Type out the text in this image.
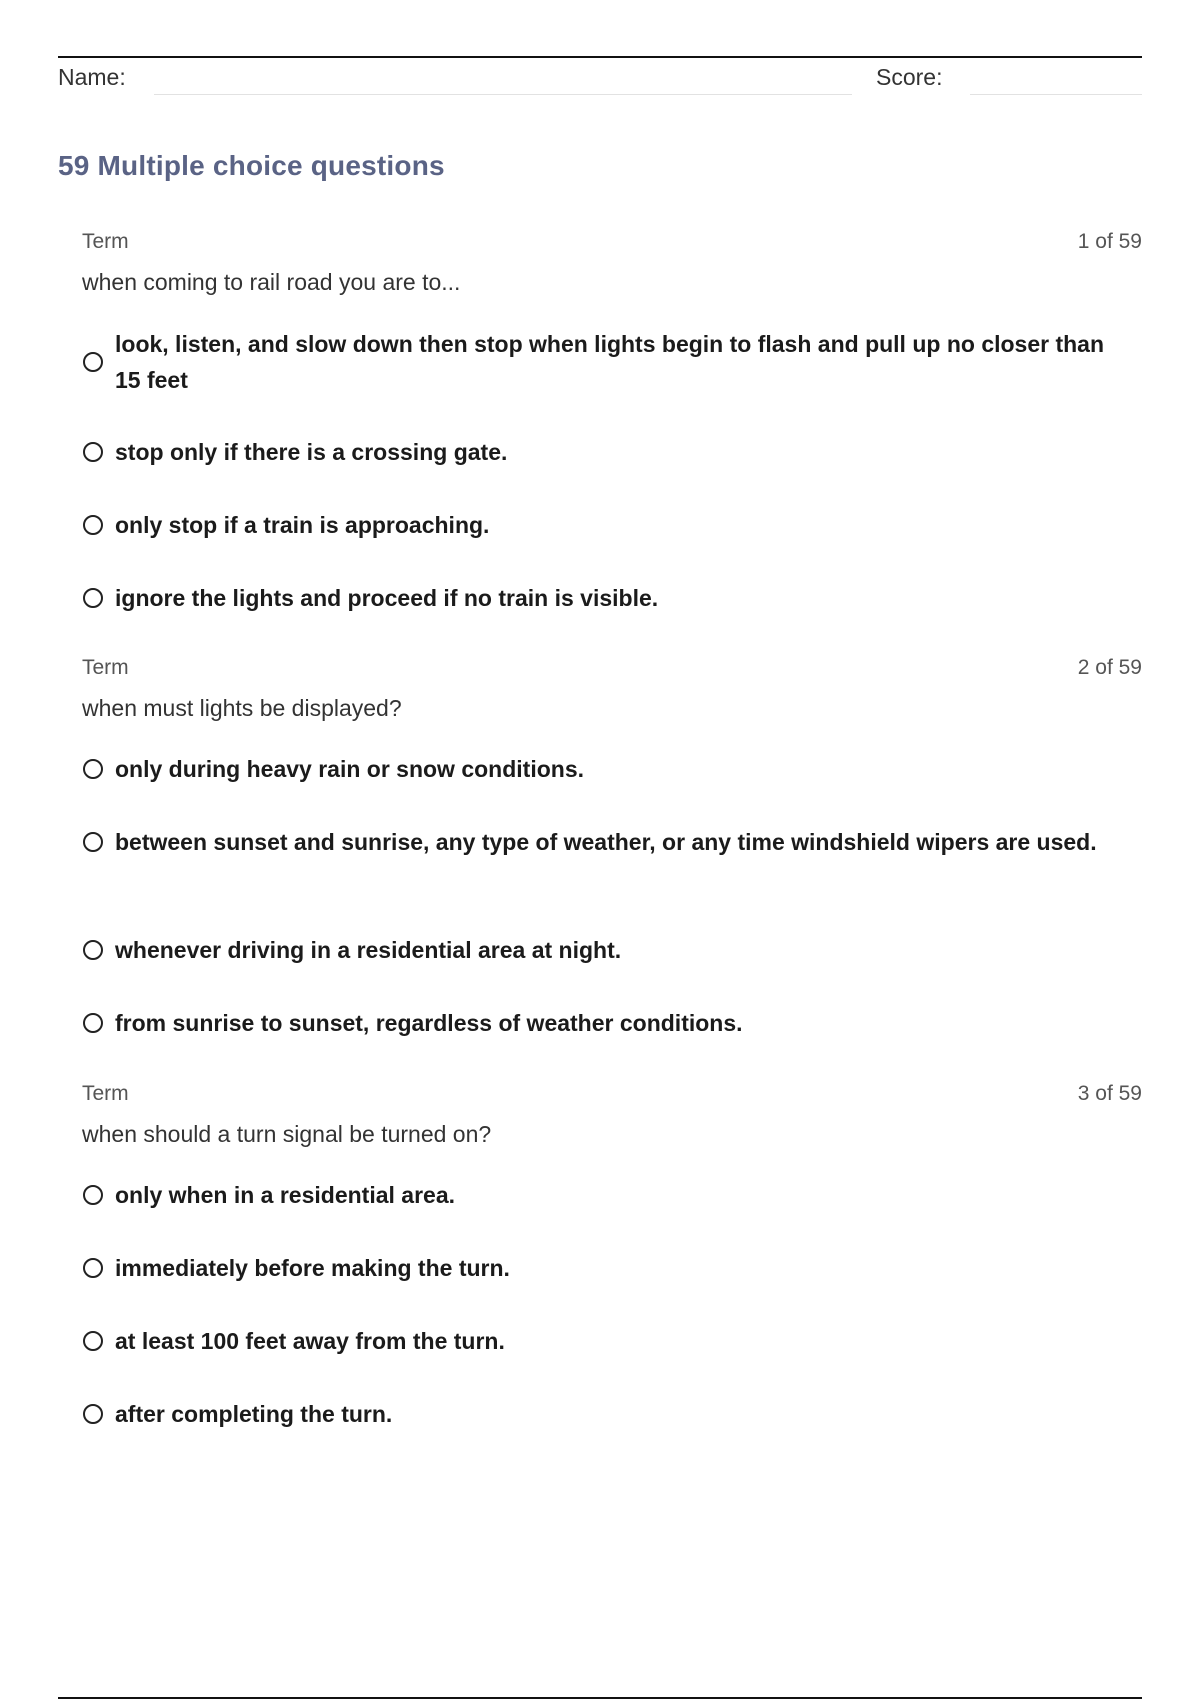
Name:	Score:
59 Multiple choice questions
Term	1 of 59
when coming to rail road you are to...
look, listen, and slow down then stop when lights begin to flash and pull up no closer than 15 feet
stop only if there is a crossing gate.
only stop if a train is approaching.
ignore the lights and proceed if no train is visible.
Term	2 of 59
when must lights be displayed?
only during heavy rain or snow conditions.
between sunset and sunrise, any type of weather, or any time windshield wipers are used.
whenever driving in a residential area at night.
from sunrise to sunset, regardless of weather conditions.
Term	3 of 59
when should a turn signal be turned on?
only when in a residential area.
immediately before making the turn.
at least 100 feet away from the turn.
after completing the turn.
